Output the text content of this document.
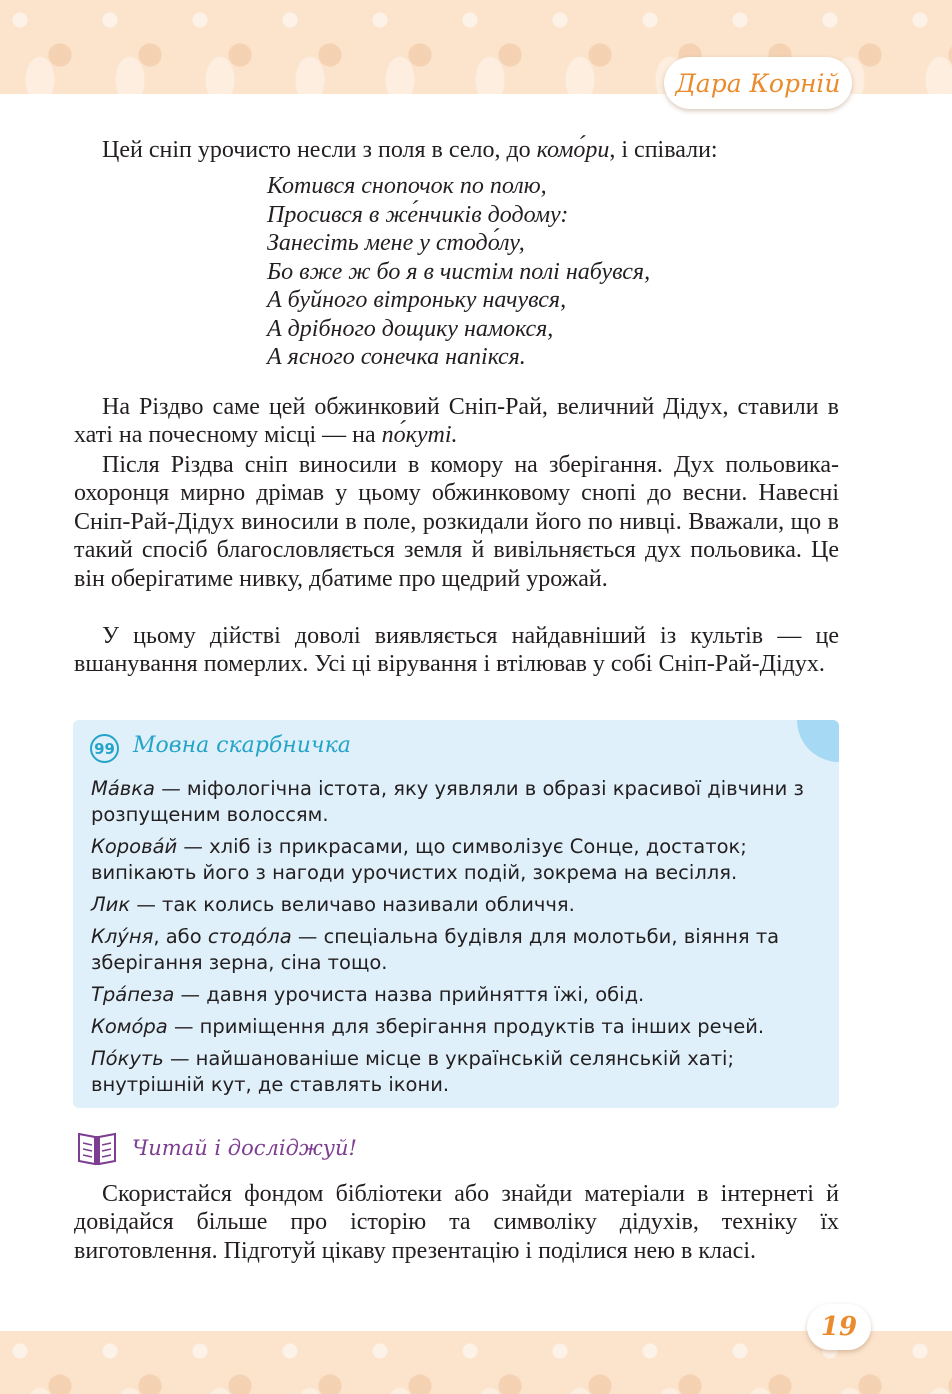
Дара Корній
Цей сніп урочисто несли з поля в село, до комо́ри, і співали:
Котився снопочок по полю,
Просився в же́нчиків додому:
Занесіть мене у стодо́лу,
Бо вже ж бо я в чистім полі набувся,
А буйного вітроньку начувся,
А дрібного дощику намокся,
А ясного сонечка напікся.

На Різдво саме цей обжинковий Сніп-Рай, величний Дідух, ставили в хаті на почесному місці — на по́куті.

Після Різдва сніп виносили в комору на зберігання. Дух польовика-охоронця мирно дрімав у цьому обжинковому снопі до весни. Навесні Сніп-Рай-Дідух виносили в поле, розкидали його по нивці. Вважали, що в такий спосіб благословляється земля й вивільняється дух польовика. Це він оберігатиме нивку, дбатиме про щедрий урожай.

У цьому дійстві доволі виявляється найдавніший із культів — це вшанування померлих. Усі ці вірування і втілював у собі Сніп-Рай-Дідух.

99 Мовна скарбничка
Ма́вка — міфологічна істота, яку уявляли в образі красивої дівчини з розпущеним волоссям.
Корова́й — хліб із прикрасами, що символізує Сонце, достаток; випікають його з нагоди урочистих подій, зокрема на весілля.
Лик — так колись величаво називали обличчя.
Клу́ня, або стодо́ла — спеціальна будівля для молотьби, віяння та зберігання зерна, сіна тощо.
Тра́пеза — давня урочиста назва прийняття їжі, обід.
Комо́ра — приміщення для зберігання продуктів та інших речей.
По́куть — найшанованіше місце в українській селянській хаті; внутрішній кут, де ставлять ікони.
Читай і досліджуй!

Скористайся фондом бібліотеки або знайди матеріали в інтернеті й довідайся більше про історію та символіку дідухів, техніку їх виготовлення. Підготуй цікаву презентацію і поділися нею в класі.

19
